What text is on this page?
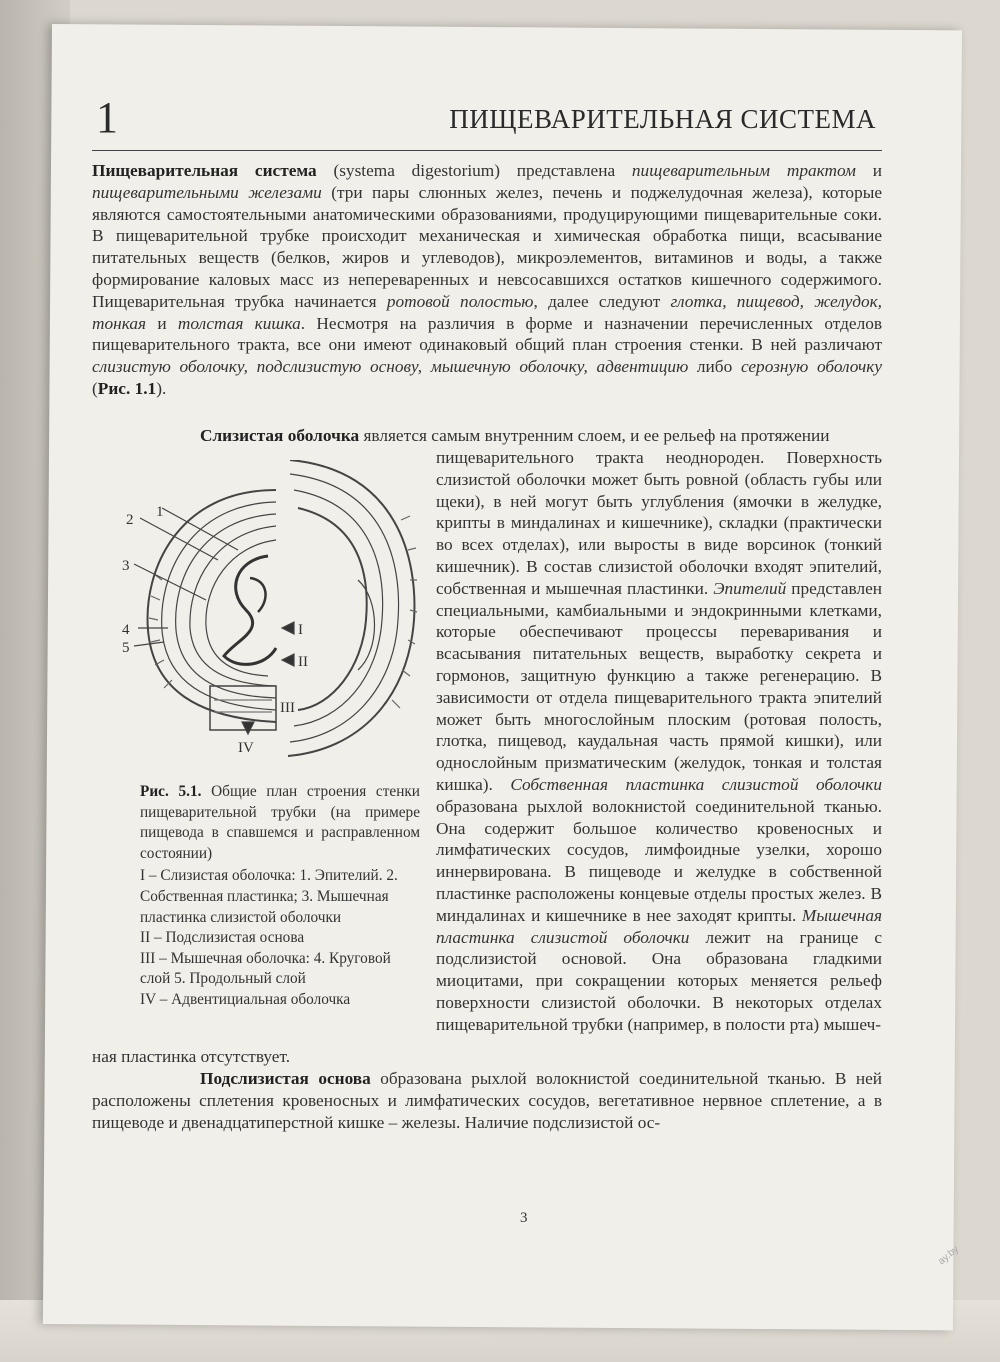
1	ПИЩЕВАРИТЕЛЬНАЯ СИСТЕМА
Пищеварительная система (systema digestorium) представлена пищеварительным трактом и пищеварительными железами (три пары слюнных желез, печень и поджелудочная железа), которые являются самостоятельными анатомическими образованиями, продуцирующими пищеварительные соки. В пищеварительной трубке происходит механическая и химическая обработка пищи, всасывание питательных веществ (белков, жиров и углеводов), микроэлементов, витаминов и воды, а также формирование каловых масс из непереваренных и невсосавшихся остатков кишечного содержимого. Пищеварительная трубка начинается ротовой полостью, далее следуют глотка, пищевод, желудок, тонкая и толстая кишка. Несмотря на различия в форме и назначении перечисленных отделов пищеварительного тракта, все они имеют одинаковый общий план строения стенки. В ней различают слизистую оболочку, подслизистую основу, мышечную оболочку, адвентицию либо серозную оболочку (Рис. 1.1).
Слизистая оболочка является самым внутренним слоем, и ее рельеф на протяжении
пищеварительного тракта неоднороден. Поверхность слизистой оболочки может быть ровной (область губы или щеки), в ней могут быть углубления (ямочки в желудке, крипты в миндалинах и кишечнике), складки (практически во всех отделах), или выросты в виде ворсинок (тонкий кишечник). В состав слизистой оболочки входят эпителий, собственная и мышечная пластинки. Эпителий представлен специальными, камбиальными и эндокринными клетками, которые обеспечивают процессы переваривания и всасывания питательных веществ, выработку секрета и гормонов, защитную функцию а также регенерацию. В зависимости от отдела пищеварительного тракта эпителий может быть многослойным плоским (ротовая полость, глотка, пищевод, каудальная часть прямой кишки), или однослойным призматическим (желудок, тонкая и толстая кишка). Собственная пластинка слизистой оболочки образована рыхлой волокнистой соединительной тканью. Она содержит большое количество кровеносных и лимфатических сосудов, лимфоидные узелки, хорошо иннервирована. В пищеводе и желудке в собственной пластинке расположены концевые отделы простых желез. В миндалинах и кишечнике в нее заходят крипты. Мышечная пластинка слизистой оболочки лежит на границе с подслизистой основой. Она образована гладкими миоцитами, при сокращении которых меняется рельеф поверхности слизистой оболочки. В некоторых отделах пищеварительной трубки (например, в полости рта) мышеч-
1
2
3
4
5
I
II
III
IV
Рис. 5.1. Общие план строения стенки пищеварительной трубки (на примере пищевода в спавшемся и расправленном состоянии)
I – Слизистая оболочка: 1. Эпителий. 2. Собственная пластинка; 3. Мышечная пластинка слизистой оболочки
II – Подслизистая основа
III – Мышечная оболочка: 4. Круговой слой 5. Продольный слой
IV – Адвентициальная оболочка
ная пластинка отсутствует.
Подслизистая основа образована рыхлой волокнистой соединительной тканью. В ней расположены сплетения кровеносных и лимфатических сосудов, вегетативное нервное сплетение, а в пищеводе и двенадцатиперстной кишке – железы. Наличие подслизистой ос-
3
ay.by
